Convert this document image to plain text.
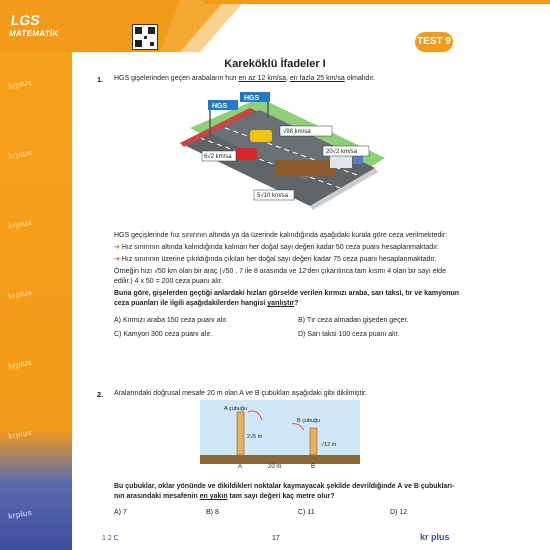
krplus
krplus
krplus
krplus
krplus
krplus
krplus
LGS
MATEMATİK
TEST 9
Kareköklü İfadeler I
1. HGS gişelerinden geçen arabaların hızı en az 12 km/sa, en fazla 25 km/sa olmalıdır.
HGS
HGS
√98 km/sa
6√2 km/sa
20√2 km/sa
5√10 km/sa
HGS geçişlerinde hız sınırının altında ya da üzerinde kalındığında aşağıdaki kurala göre ceza verilmektedir:
➔ Hız sınırının altında kalındığında kalınan her doğal sayı değeri kadar 50 ceza puanı hesaplanmaktadır.
➔ Hız sınırının üzerine çıkıldığında çıkılan her doğal sayı değeri kadar 75 ceza puanı hesaplanmaktadır.
Örneğin hızı √50 km olan bir araç (√50 , 7 ile 8 arasında ve 12'den çıkarılınca tam kısmı 4 olan bir sayı elde
edilir.) 4 x 50 = 200 ceza puanı alır.
Buna göre, gişelerden geçtiği anlardaki hızları görselde verilen kırmızı araba, sarı taksi, tır ve kamyonun
ceza puanları ile ilgili aşağıdakilerden hangisi yanlıştır?
A) Kırmızı araba 150 ceza puanı alır.	B) Tır ceza almadan gişeden geçer.
C) Kamyon 300 ceza puanı alır.	D) Sarı taksi 100 ceza puanı alır.
2. Aralarındaki doğrusal mesafe 20 m olan A ve B çubukları aşağıdaki gibi dikilmiştir.
A çubuğu
B çubuğu
2√5 m
√12 m
A	B
20 m
Bu çubuklar, oklar yönünde ve dikildikleri noktalar kaymayacak şekilde devrildiğinde A ve B çubukları-
nın arasındaki mesafenin en yakın tam sayı değeri kaç metre olur?
A) 7	B) 8	C) 11	D) 12
1 2 C	17	kr plus
